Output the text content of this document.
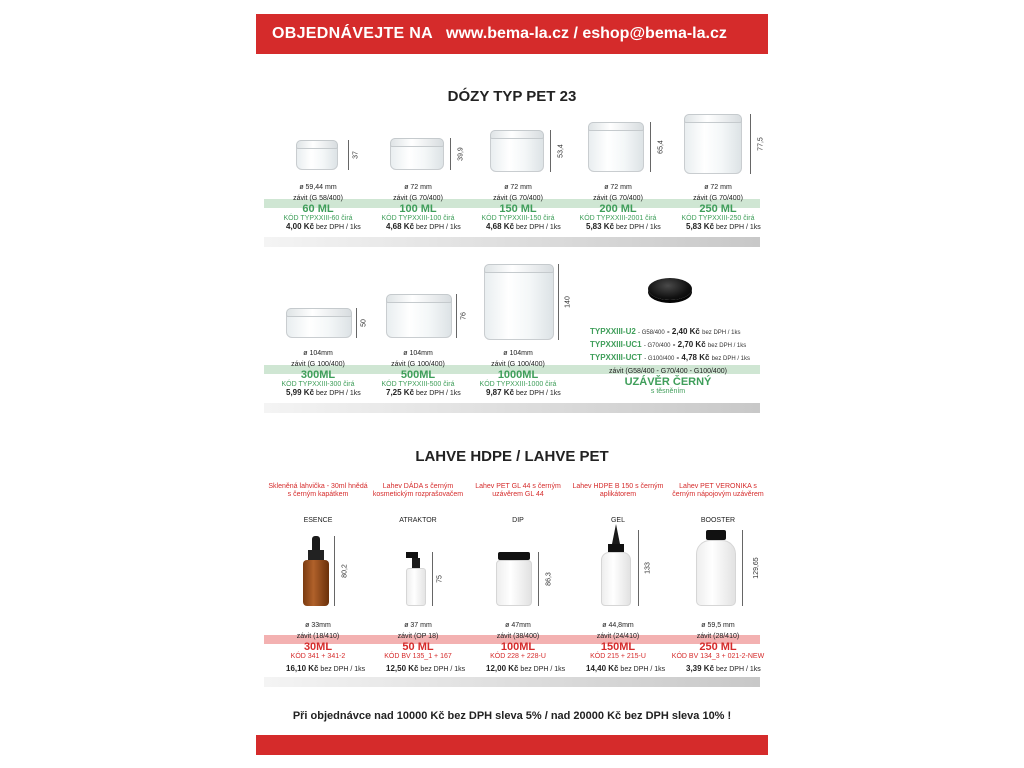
OBJEDNÁVEJTE NA www.bema-la.cz / eshop@bema-la.cz
DÓZY TYP PET 23
37
ø 59,44 mm
závit (G 58/400)
60 ML
KÓD TYPXXIII-60 čirá
4,00 Kč bez DPH / 1ks
39,9
ø 72 mm
závit (G 70/400)
100 ML
KÓD TYPXXIII-100 čirá
4,68 Kč bez DPH / 1ks
53,4
ø 72 mm
závit (G 70/400)
150 ML
KÓD TYPXXIII-150 čirá
4,68 Kč bez DPH / 1ks
65,4
ø 72 mm
závit (G 70/400)
200 ML
KÓD TYPXXIII-2001 čirá
5,83 Kč bez DPH / 1ks
77,5
ø 72 mm
závit (G 70/400)
250 ML
KÓD TYPXXIII-250 čirá
5,83 Kč bez DPH / 1ks
50
ø 104mm
závit (G 100/400)
300ML
KÓD TYPXXIII-300 čirá
5,99 Kč bez DPH / 1ks
76
ø 104mm
závit (G 100/400)
500ML
KÓD TYPXXIII-500 čirá
7,25 Kč bez DPH / 1ks
140
ø 104mm
závit (G 100/400)
1000ML
KÓD TYPXXIII-1000 čirá
9,87 Kč bez DPH / 1ks
TYPXXIII-U2 - G58/400 - 2,40 Kč bez DPH / 1ks
TYPXXIII-UC1 - G70/400 - 2,70 Kč bez DPH / 1ks
TYPXXIII-UCT - G100/400 - 4,78 Kč bez DPH / 1ks
závit (G58/400 - G70/400 - G100/400)
UZÁVĚR ČERNÝ
s těsněním
LAHVE HDPE / LAHVE PET
Skleněná lahvička - 30ml hnědá s černým kapátkem
ESENCE
80,2
ø 33mm
závit (18/410)
30ML
KÓD 341 + 341-2
16,10 Kč bez DPH / 1ks
Lahev DÁDA s černým kosmetickým rozprašovačem
ATRAKTOR
75
ø 37 mm
závit (OP 18)
50 ML
KÓD BV 135_1 + 167
12,50 Kč bez DPH / 1ks
Lahev PET GL 44 s černým uzávěrem GL 44
DIP
86,3
ø 47mm
závit (38/400)
100ML
KÓD 228 + 228-U
12,00 Kč bez DPH / 1ks
Lahev HDPE B 150 s černým aplikátorem
GEL
133
ø 44,8mm
závit (24/410)
150ML
KÓD 215 + 215-U
14,40 Kč bez DPH / 1ks
Lahev PET VERONIKA s černým nápojovým uzávěrem
BOOSTER
129,65
ø 59,5 mm
závit (28/410)
250 ML
KÓD BV 134_3 + 021-2-NEW
3,39 Kč bez DPH / 1ks
Při objednávce nad 10000 Kč bez DPH sleva 5% / nad 20000 Kč bez DPH sleva 10% !
